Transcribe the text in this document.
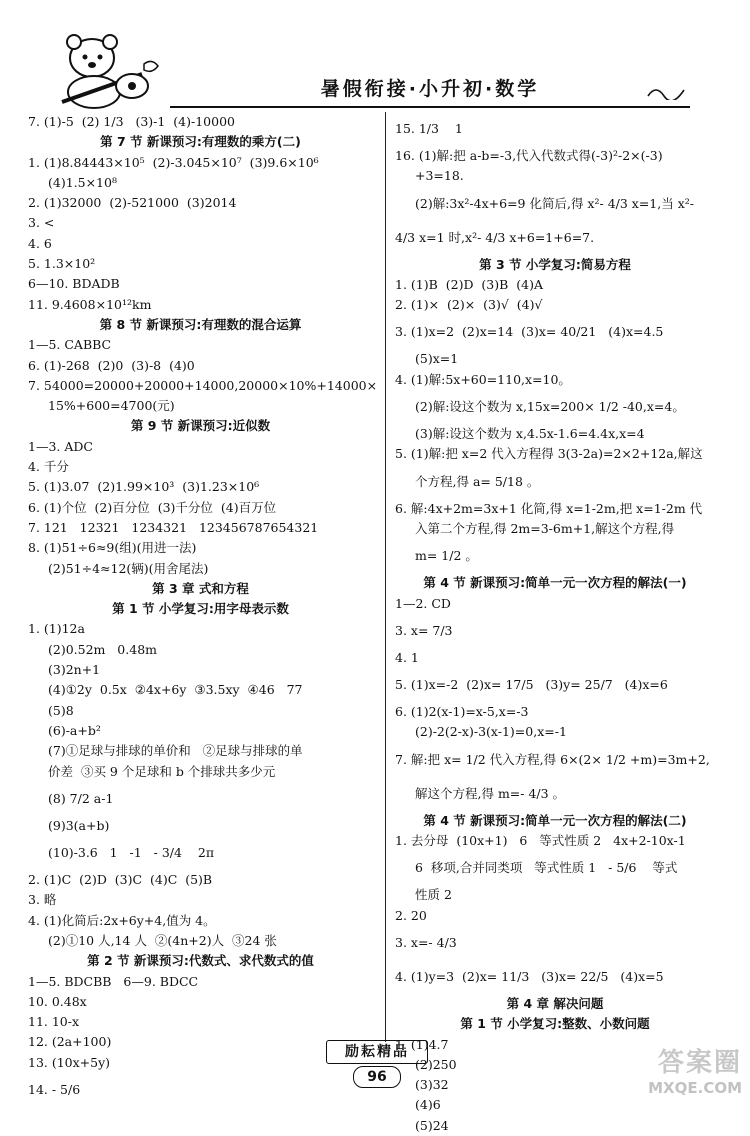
暑假衔接·小升初·数学
7. (1)-5  (2) 1/3   (3)-1  (4)-10000
第 7 节 新课预习:有理数的乘方(二)
1. (1)8.84443×10⁵  (2)-3.045×10⁷  (3)9.6×10⁶
(4)1.5×10⁸
2. (1)32000  (2)-521000  (3)2014
3. <
4. 6
5. 1.3×10²
6—10. BDADB
11. 9.4608×10¹²km
第 8 节 新课预习:有理数的混合运算
1—5. CABBC
6. (1)-268  (2)0  (3)-8  (4)0
7. 54000=20000+20000+14000,20000×10%+14000×
15%+600=4700(元)
第 9 节 新课预习:近似数
1—3. ADC
4. 千分
5. (1)3.07  (2)1.99×10³  (3)1.23×10⁶
6. (1)个位  (2)百分位  (3)千分位  (4)百万位
7. 121   12321   1234321   123456787654321
8. (1)51÷6≈9(组)(用进一法)
(2)51÷4≈12(辆)(用舍尾法)
第 3 章 式和方程
第 1 节 小学复习:用字母表示数
1. (1)12a
(2)0.52m   0.48m
(3)2n+1
(4)①2y  0.5x  ②4x+6y  ③3.5xy  ④46   77
(5)8
(6)-a+b²
(7)①足球与排球的单价和   ②足球与排球的单
价差  ③买 9 个足球和 b 个排球共多少元
(8) 7/2 a-1
(9)3(a+b)
(10)-3.6   1   -1   - 3/4    2π
2. (1)C  (2)D  (3)C  (4)C  (5)B
3. 略
4. (1)化简后:2x+6y+4,值为 4。
(2)①10 人,14 人  ②(4n+2)人  ③24 张
第 2 节 新课预习:代数式、求代数式的值
1—5. BDCBB   6—9. BDCC
10. 0.48x
11. 10-x
12. (2a+100)
13. (10x+5y)
14. - 5/6
15. 1/3    1
16. (1)解:把 a-b=-3,代入代数式得(-3)²-2×(-3)
+3=18.
(2)解:3x²-4x+6=9 化简后,得 x²- 4/3 x=1,当 x²-
4/3 x=1 时,x²- 4/3 x+6=1+6=7.
第 3 节 小学复习:简易方程
1. (1)B  (2)D  (3)B  (4)A
2. (1)×  (2)×  (3)√  (4)√
3. (1)x=2  (2)x=14  (3)x= 40/21   (4)x=4.5
(5)x=1
4. (1)解:5x+60=110,x=10。
(2)解:设这个数为 x,15x=200× 1/2 -40,x=4。
(3)解:设这个数为 x,4.5x-1.6=4.4x,x=4
5. (1)解:把 x=2 代入方程得 3(3-2a)=2×2+12a,解这
个方程,得 a= 5/18 。
6. 解:4x+2m=3x+1 化简,得 x=1-2m,把 x=1-2m 代
入第二个方程,得 2m=3-6m+1,解这个方程,得
m= 1/2 。
第 4 节 新课预习:简单一元一次方程的解法(一)
1—2. CD
3. x= 7/3
4. 1
5. (1)x=-2  (2)x= 17/5   (3)y= 25/7   (4)x=6
6. (1)2(x-1)=x-5,x=-3
(2)-2(2-x)-3(x-1)=0,x=-1
7. 解:把 x= 1/2 代入方程,得 6×(2× 1/2 +m)=3m+2,
解这个方程,得 m=- 4/3 。
第 4 节 新课预习:简单一元一次方程的解法(二)
1. 去分母  (10x+1)   6   等式性质 2   4x+2-10x-1
6  移项,合并同类项   等式性质 1   - 5/6    等式
性质 2
2. 20
3. x=- 4/3
4. (1)y=3  (2)x= 11/3   (3)x= 22/5   (4)x=5
第 4 章 解决问题
第 1 节 小学复习:整数、小数问题
1. (1)4.7
(2)250
(3)32
(4)6
(5)24
励耘精品
96	答案圈
MXQE.COM
